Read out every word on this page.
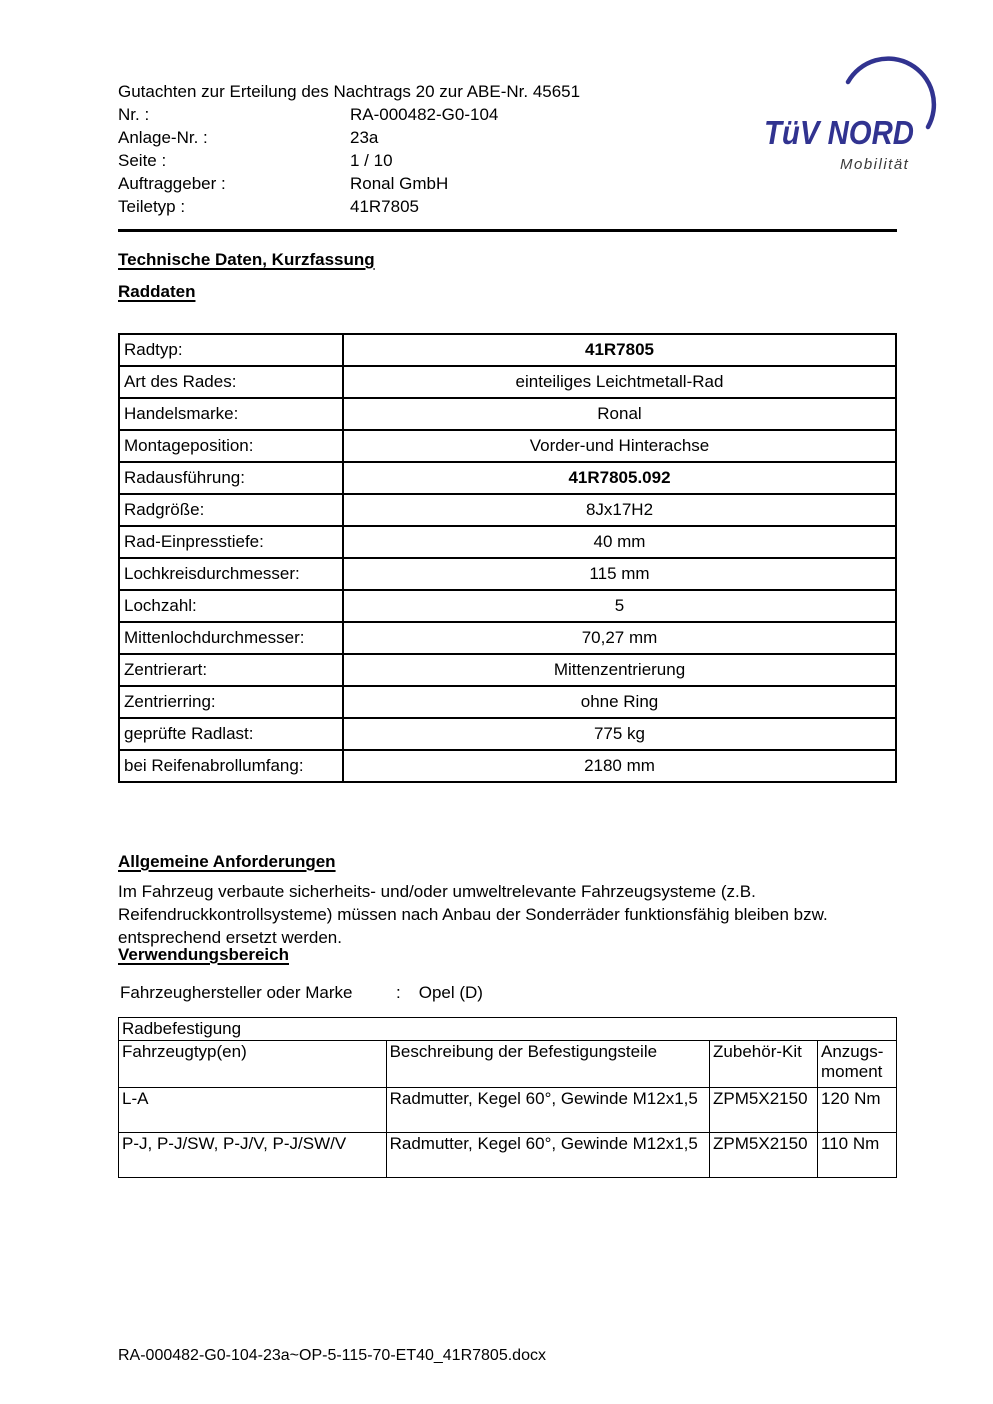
Gutachten zur Erteilung des Nachtrags 20 zur ABE-Nr. 45651
Nr. :	RA-000482-G0-104
Anlage-Nr. :	23a
Seite :	1 / 10
Auftraggeber :	Ronal GmbH
Teiletyp :	41R7805
TüV NORD
Mobilität
Technische Daten, Kurzfassung
Raddaten
Radtyp:	41R7805
Art des Rades:	einteiliges Leichtmetall-Rad
Handelsmarke:	Ronal
Montageposition:	Vorder-und Hinterachse
Radausführung:	41R7805.092
Radgröße:	8Jx17H2
Rad-Einpresstiefe:	40 mm
Lochkreisdurchmesser:	115 mm
Lochzahl:	5
Mittenlochdurchmesser:	70,27 mm
Zentrierart:	Mittenzentrierung
Zentrierring:	ohne Ring
geprüfte Radlast:	775 kg
bei Reifenabrollumfang:	2180 mm
Allgemeine Anforderungen
Im Fahrzeug verbaute sicherheits- und/oder umweltrelevante Fahrzeugsysteme (z.B. Reifendruckkontrollsysteme) müssen nach Anbau der Sonderräder funktionsfähig bleiben bzw. entsprechend ersetzt werden.
Verwendungsbereich
Fahrzeughersteller oder Marke	: Opel (D)
Radbefestigung			
Fahrzeugtyp(en)	Beschreibung der Befestigungsteile	Zubehör-Kit	Anzugs-moment
L-A	Radmutter, Kegel 60°, Gewinde M12x1,5	ZPM5X2150	120 Nm
P-J, P-J/SW, P-J/V, P-J/SW/V	Radmutter, Kegel 60°, Gewinde M12x1,5	ZPM5X2150	110 Nm
RA-000482-G0-104-23a~OP-5-115-70-ET40_41R7805.docx
